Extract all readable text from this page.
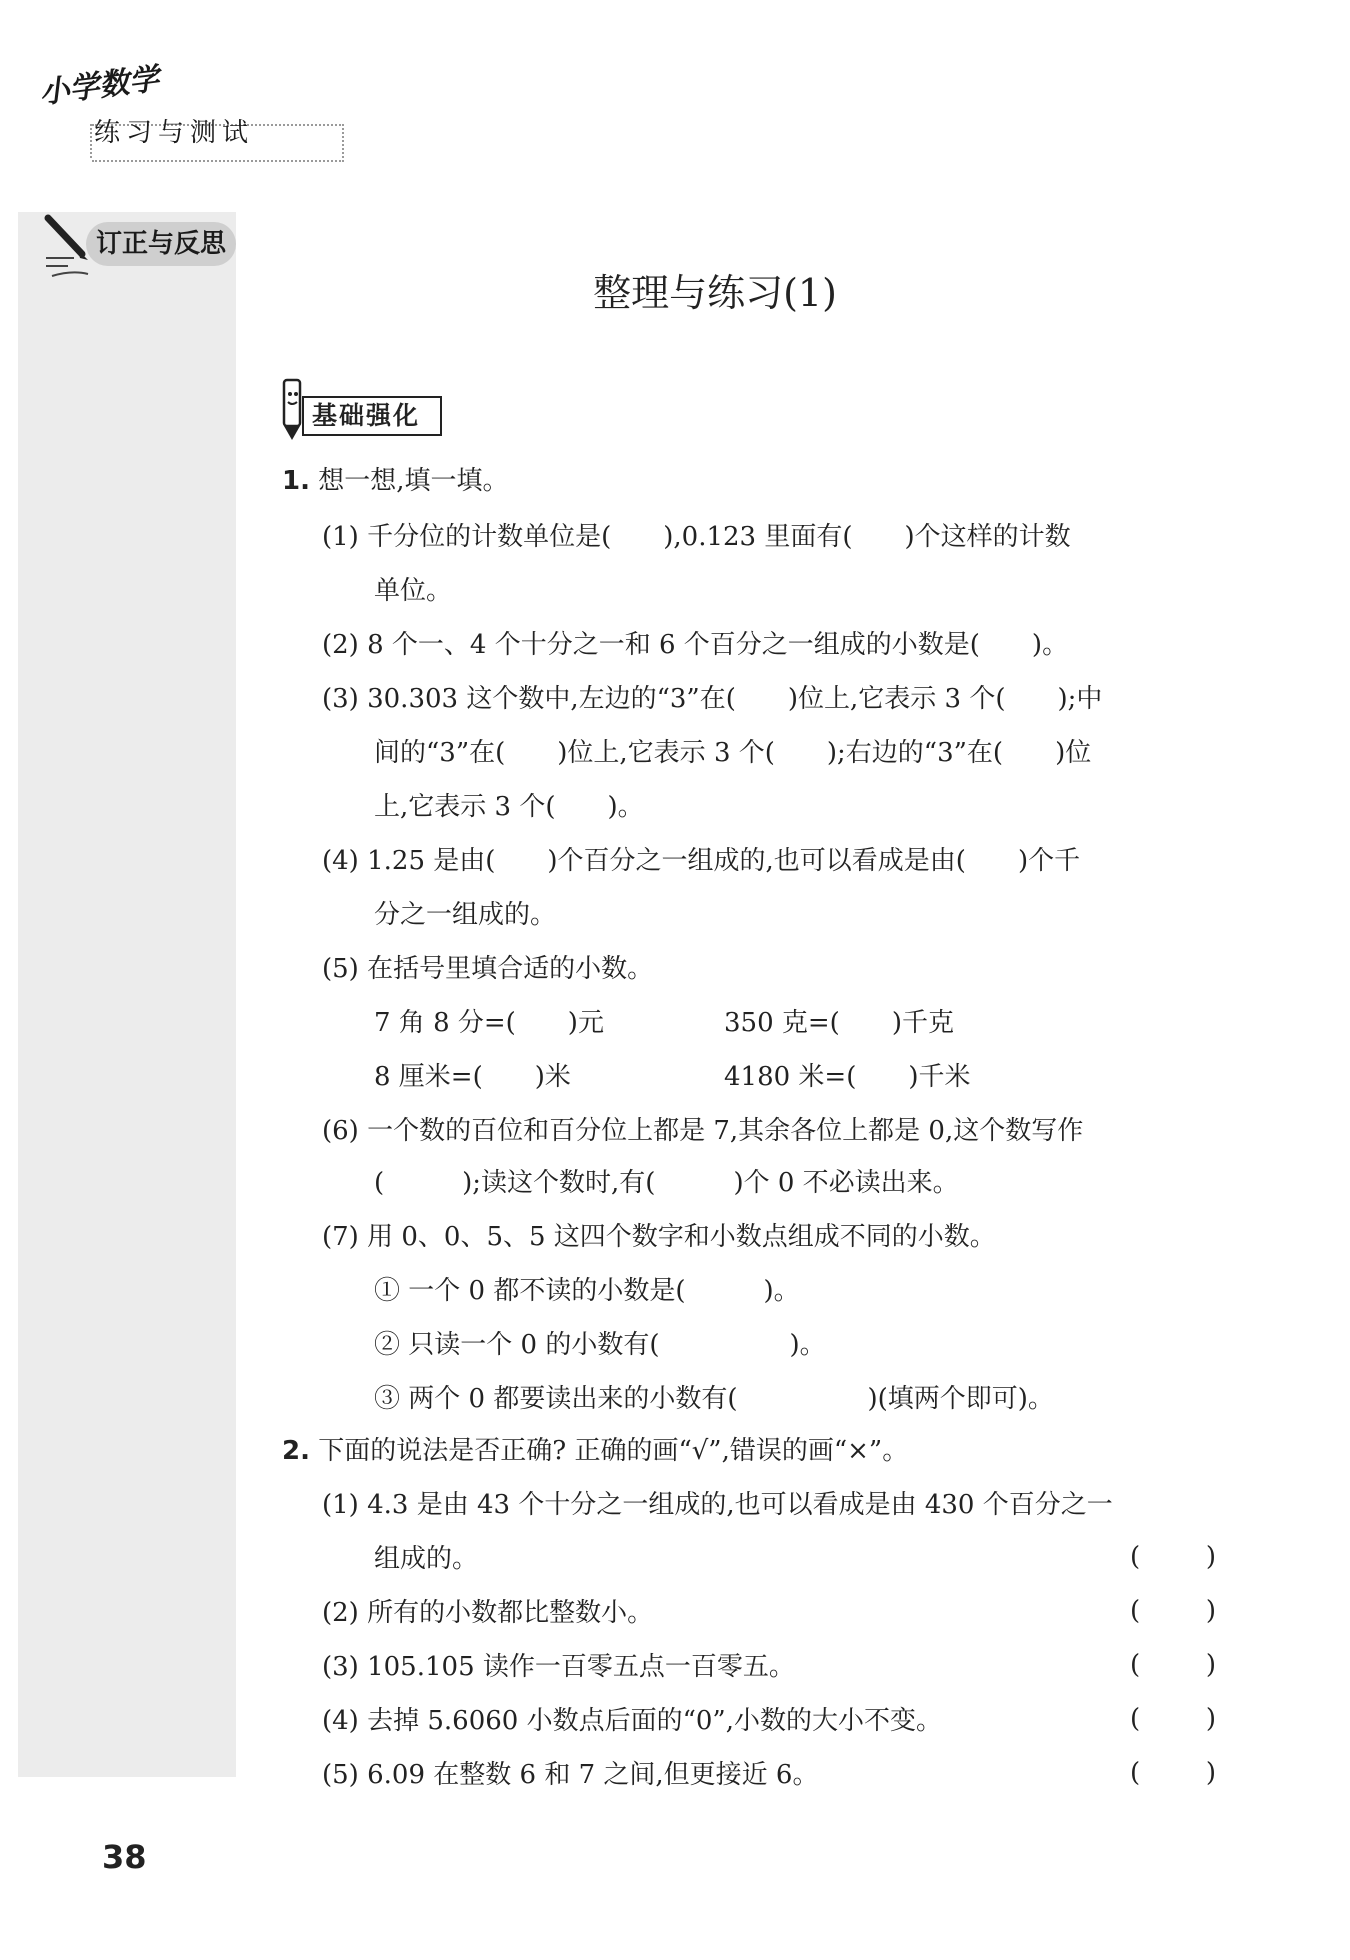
小学数学
练习与测试
订正与反思
整理与练习(1)
基础强化
1. 想一想,填一填。
(1) 千分位的计数单位是(　　),0.123 里面有(　　)个这样的计数
单位。
(2) 8 个一、4 个十分之一和 6 个百分之一组成的小数是(　　)。
(3) 30.303 这个数中,左边的“3”在(　　)位上,它表示 3 个(　　);中
间的“3”在(　　)位上,它表示 3 个(　　);右边的“3”在(　　)位
上,它表示 3 个(　　)。
(4) 1.25 是由(　　)个百分之一组成的,也可以看成是由(　　)个千
分之一组成的。
(5) 在括号里填合适的小数。
7 角 8 分=(　　)元	350 克=(　　)千克
8 厘米=(　　)米	4180 米=(　　)千米
(6) 一个数的百位和百分位上都是 7,其余各位上都是 0,这个数写作
(　　　);读这个数时,有(　　　)个 0 不必读出来。
(7) 用 0、0、5、5 这四个数字和小数点组成不同的小数。
① 一个 0 都不读的小数是(　　　)。
② 只读一个 0 的小数有(　　　　　)。
③ 两个 0 都要读出来的小数有(　　　　　)(填两个即可)。
2. 下面的说法是否正确? 正确的画“√”,错误的画“×”。
(1) 4.3 是由 43 个十分之一组成的,也可以看成是由 430 个百分之一
组成的。	(	)
(2) 所有的小数都比整数小。	(	)
(3) 105.105 读作一百零五点一百零五。	(	)
(4) 去掉 5.6060 小数点后面的“0”,小数的大小不变。	(	)
(5) 6.09 在整数 6 和 7 之间,但更接近 6。	(	)
38
